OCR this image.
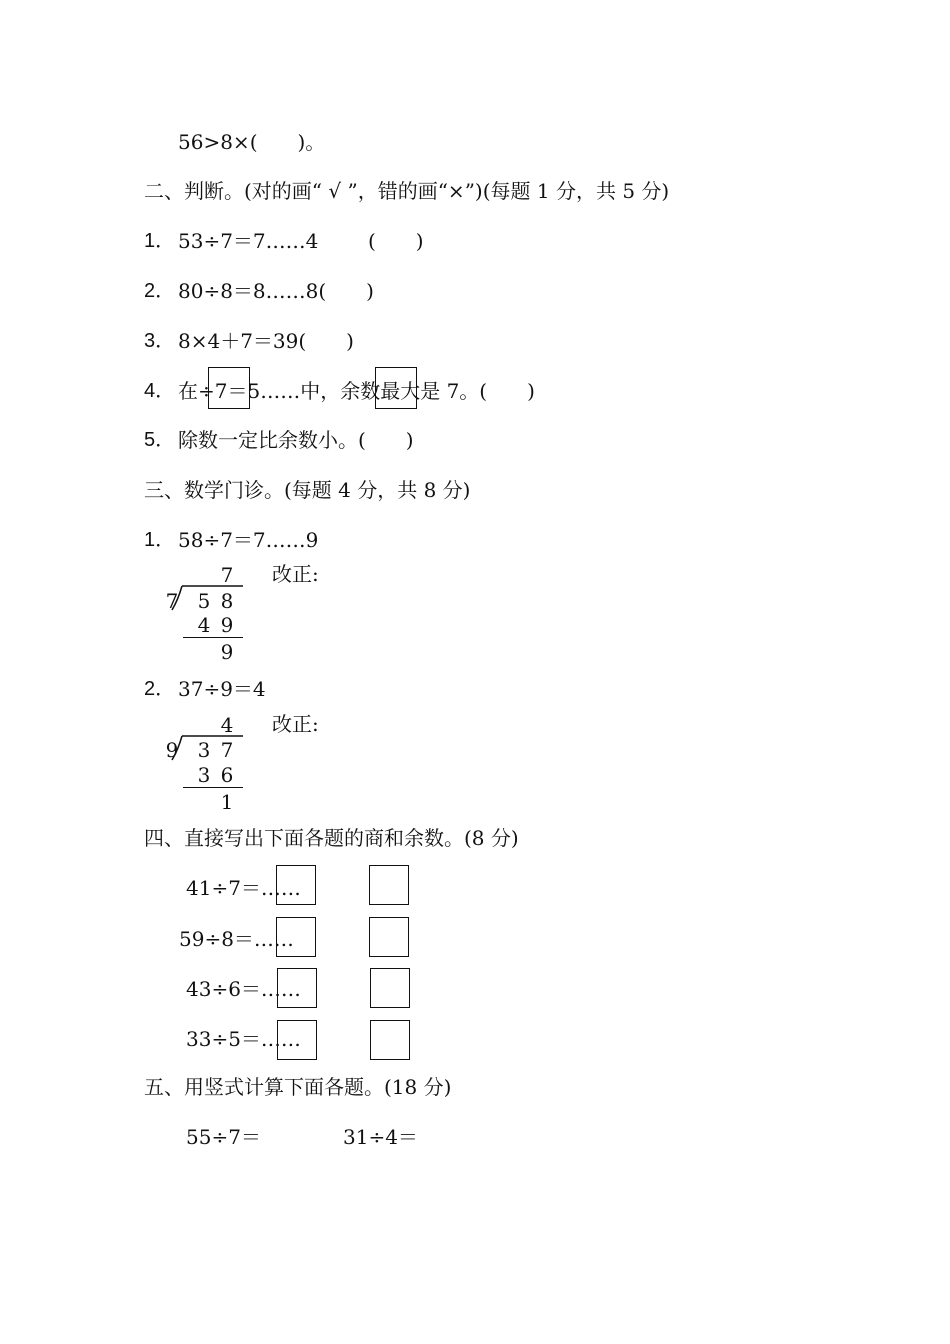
56>8×(　　)。
二、判断。(对的画“ √ ”，错的画“×”)(每题 1 分，共 5 分)
1． 53÷7＝7……4 (　　)
2． 80÷8＝8……8(　　)
3． 8×4＋7＝39(　　)
4． 在÷7＝5……中，余数最大是 7。(　　)
5． 除数一定比余数小。(　　)
三、数学门诊。(每题 4 分，共 8 分)
1． 58÷7＝7……9
7
7 5 8
4 9
9
改正:
2． 37÷9＝4
4
9 3 7
3 6
1
改正:
四、直接写出下面各题的商和余数。(8 分)
41÷7＝……
59÷8＝……
43÷6＝……
33÷5＝……
五、用竖式计算下面各题。(18 分)
55÷7＝	31÷4＝
